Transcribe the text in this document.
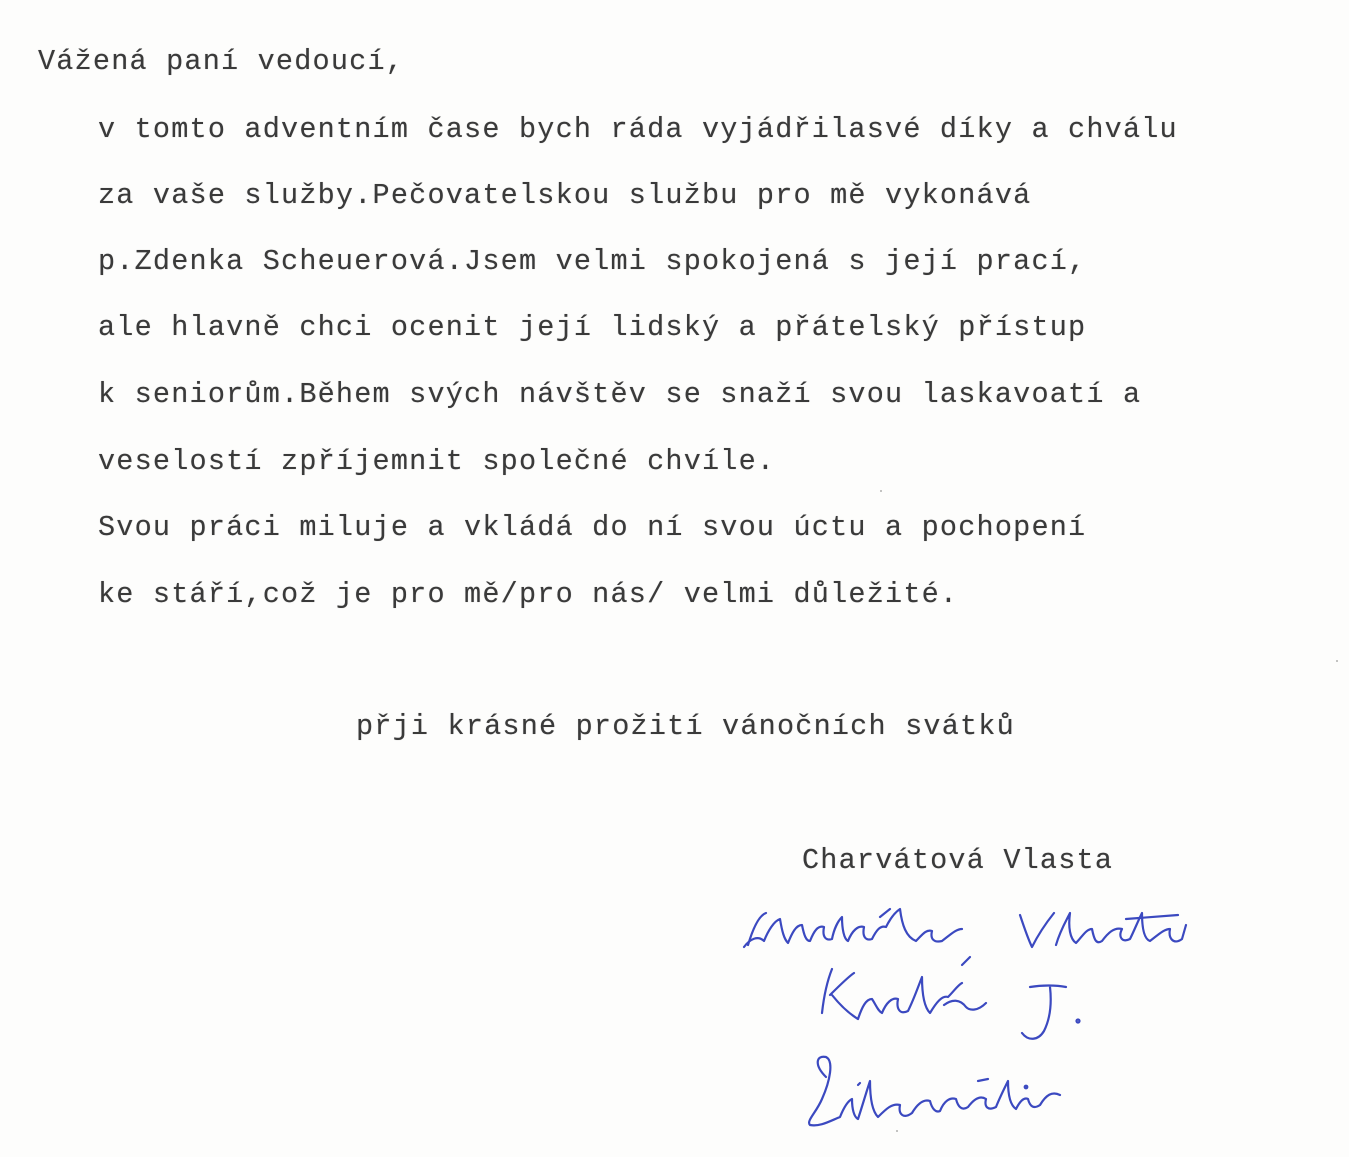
Vážená paní vedoucí,
v tomto adventním čase bych ráda vyjádřilasvé díky a chválu
za vaše služby.Pečovatelskou službu pro mě vykonává
p.Zdenka Scheuerová.Jsem velmi spokojená s její prací,
ale hlavně chci ocenit její lidský a přátelský přístup
k seniorům.Během svých návštěv se snaží svou laskavoatí a
veselostí zpříjemnit společné chvíle.
Svou práci miluje a vkládá do ní svou úctu a pochopení
ke stáří,což je pro mě/pro nás/ velmi důležité.
přji krásné prožití vánočních svátků
Charvátová Vlasta
